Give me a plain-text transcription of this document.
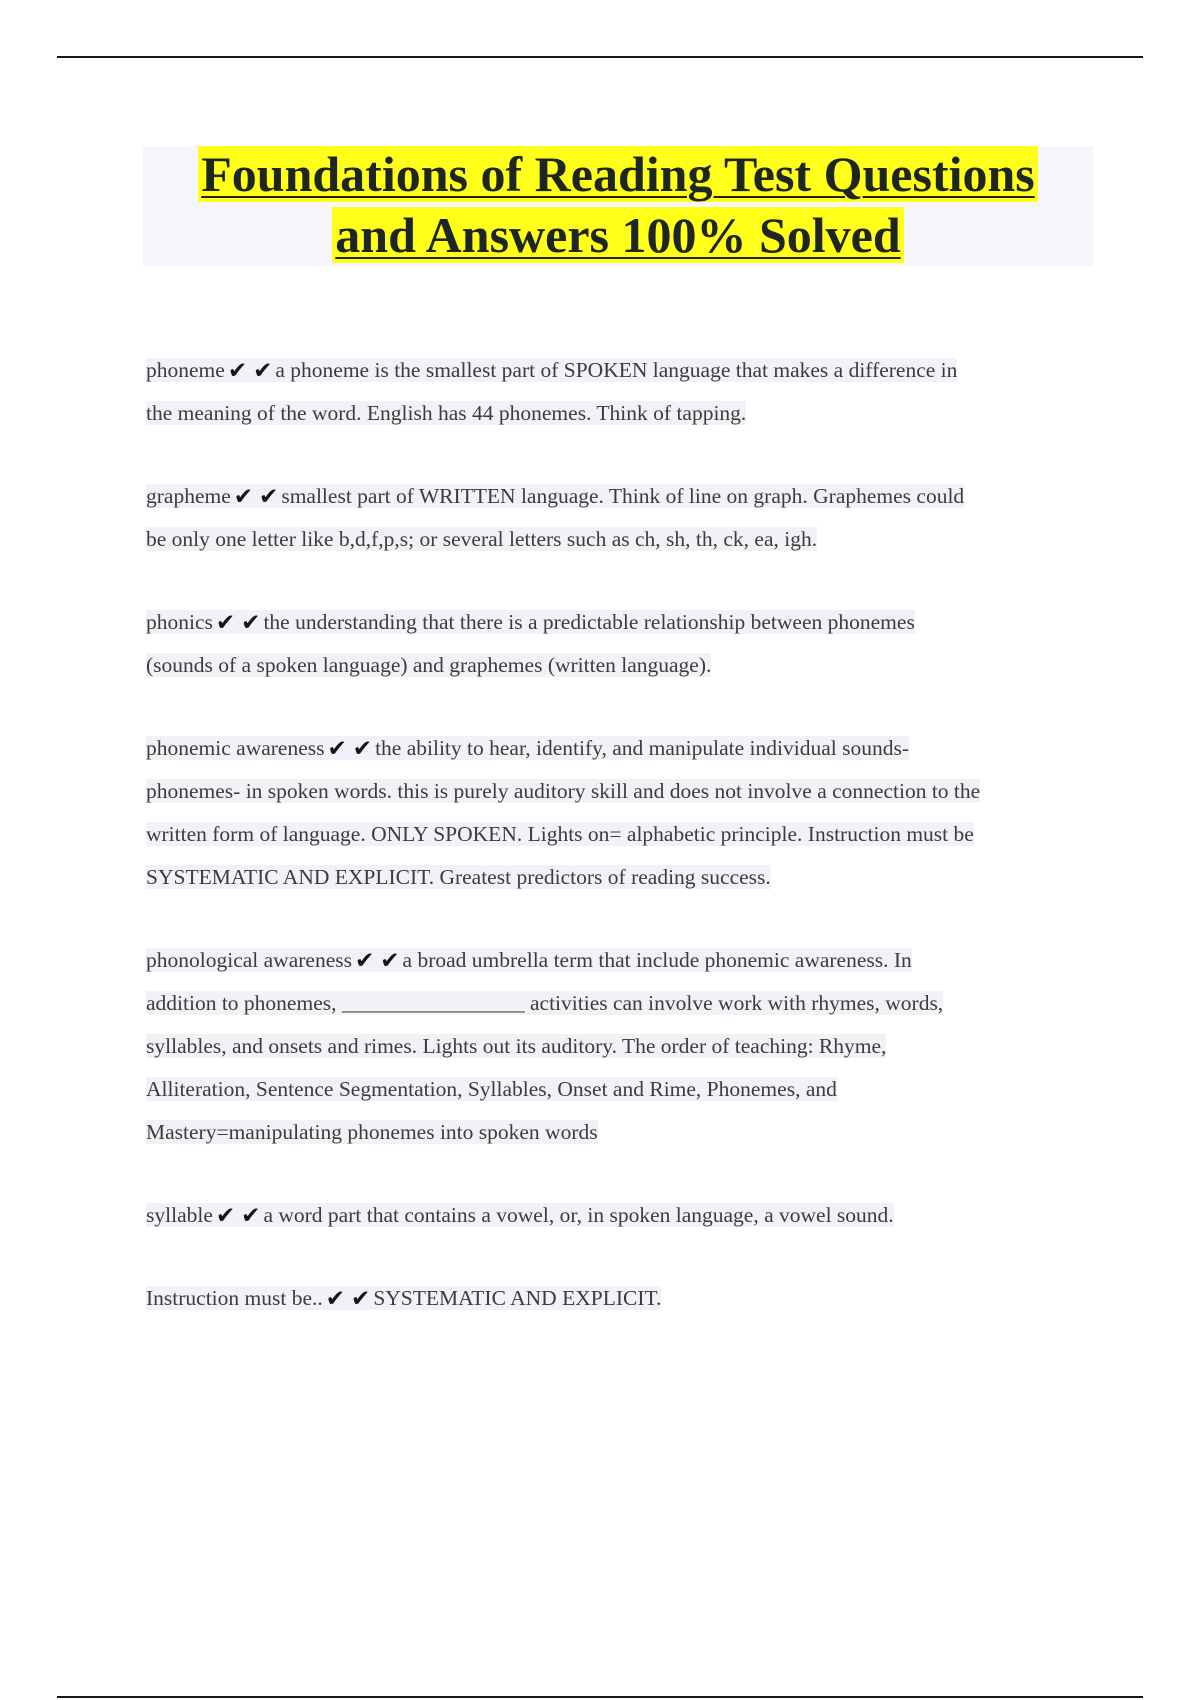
Foundations of Reading Test Questions
and Answers 100% Solved
phoneme ✔ ✔ a phoneme is the smallest part of SPOKEN language that makes a difference in
the meaning of the word. English has 44 phonemes. Think of tapping.
grapheme ✔ ✔ smallest part of WRITTEN language. Think of line on graph. Graphemes could
be only one letter like b,d,f,p,s; or several letters such as ch, sh, th, ck, ea, igh.
phonics ✔ ✔ the understanding that there is a predictable relationship between phonemes
(sounds of a spoken language) and graphemes (written language).
phonemic awareness ✔ ✔ the ability to hear, identify, and manipulate individual sounds-
phonemes- in spoken words. this is purely auditory skill and does not involve a connection to the
written form of language. ONLY SPOKEN. Lights on= alphabetic principle. Instruction must be
SYSTEMATIC AND EXPLICIT. Greatest predictors of reading success.
phonological awareness ✔ ✔ a broad umbrella term that include phonemic awareness. In
addition to phonemes, _________________ activities can involve work with rhymes, words,
syllables, and onsets and rimes. Lights out its auditory. The order of teaching: Rhyme,
Alliteration, Sentence Segmentation, Syllables, Onset and Rime, Phonemes, and
Mastery=manipulating phonemes into spoken words
syllable ✔ ✔ a word part that contains a vowel, or, in spoken language, a vowel sound.
Instruction must be.. ✔ ✔ SYSTEMATIC AND EXPLICIT.
